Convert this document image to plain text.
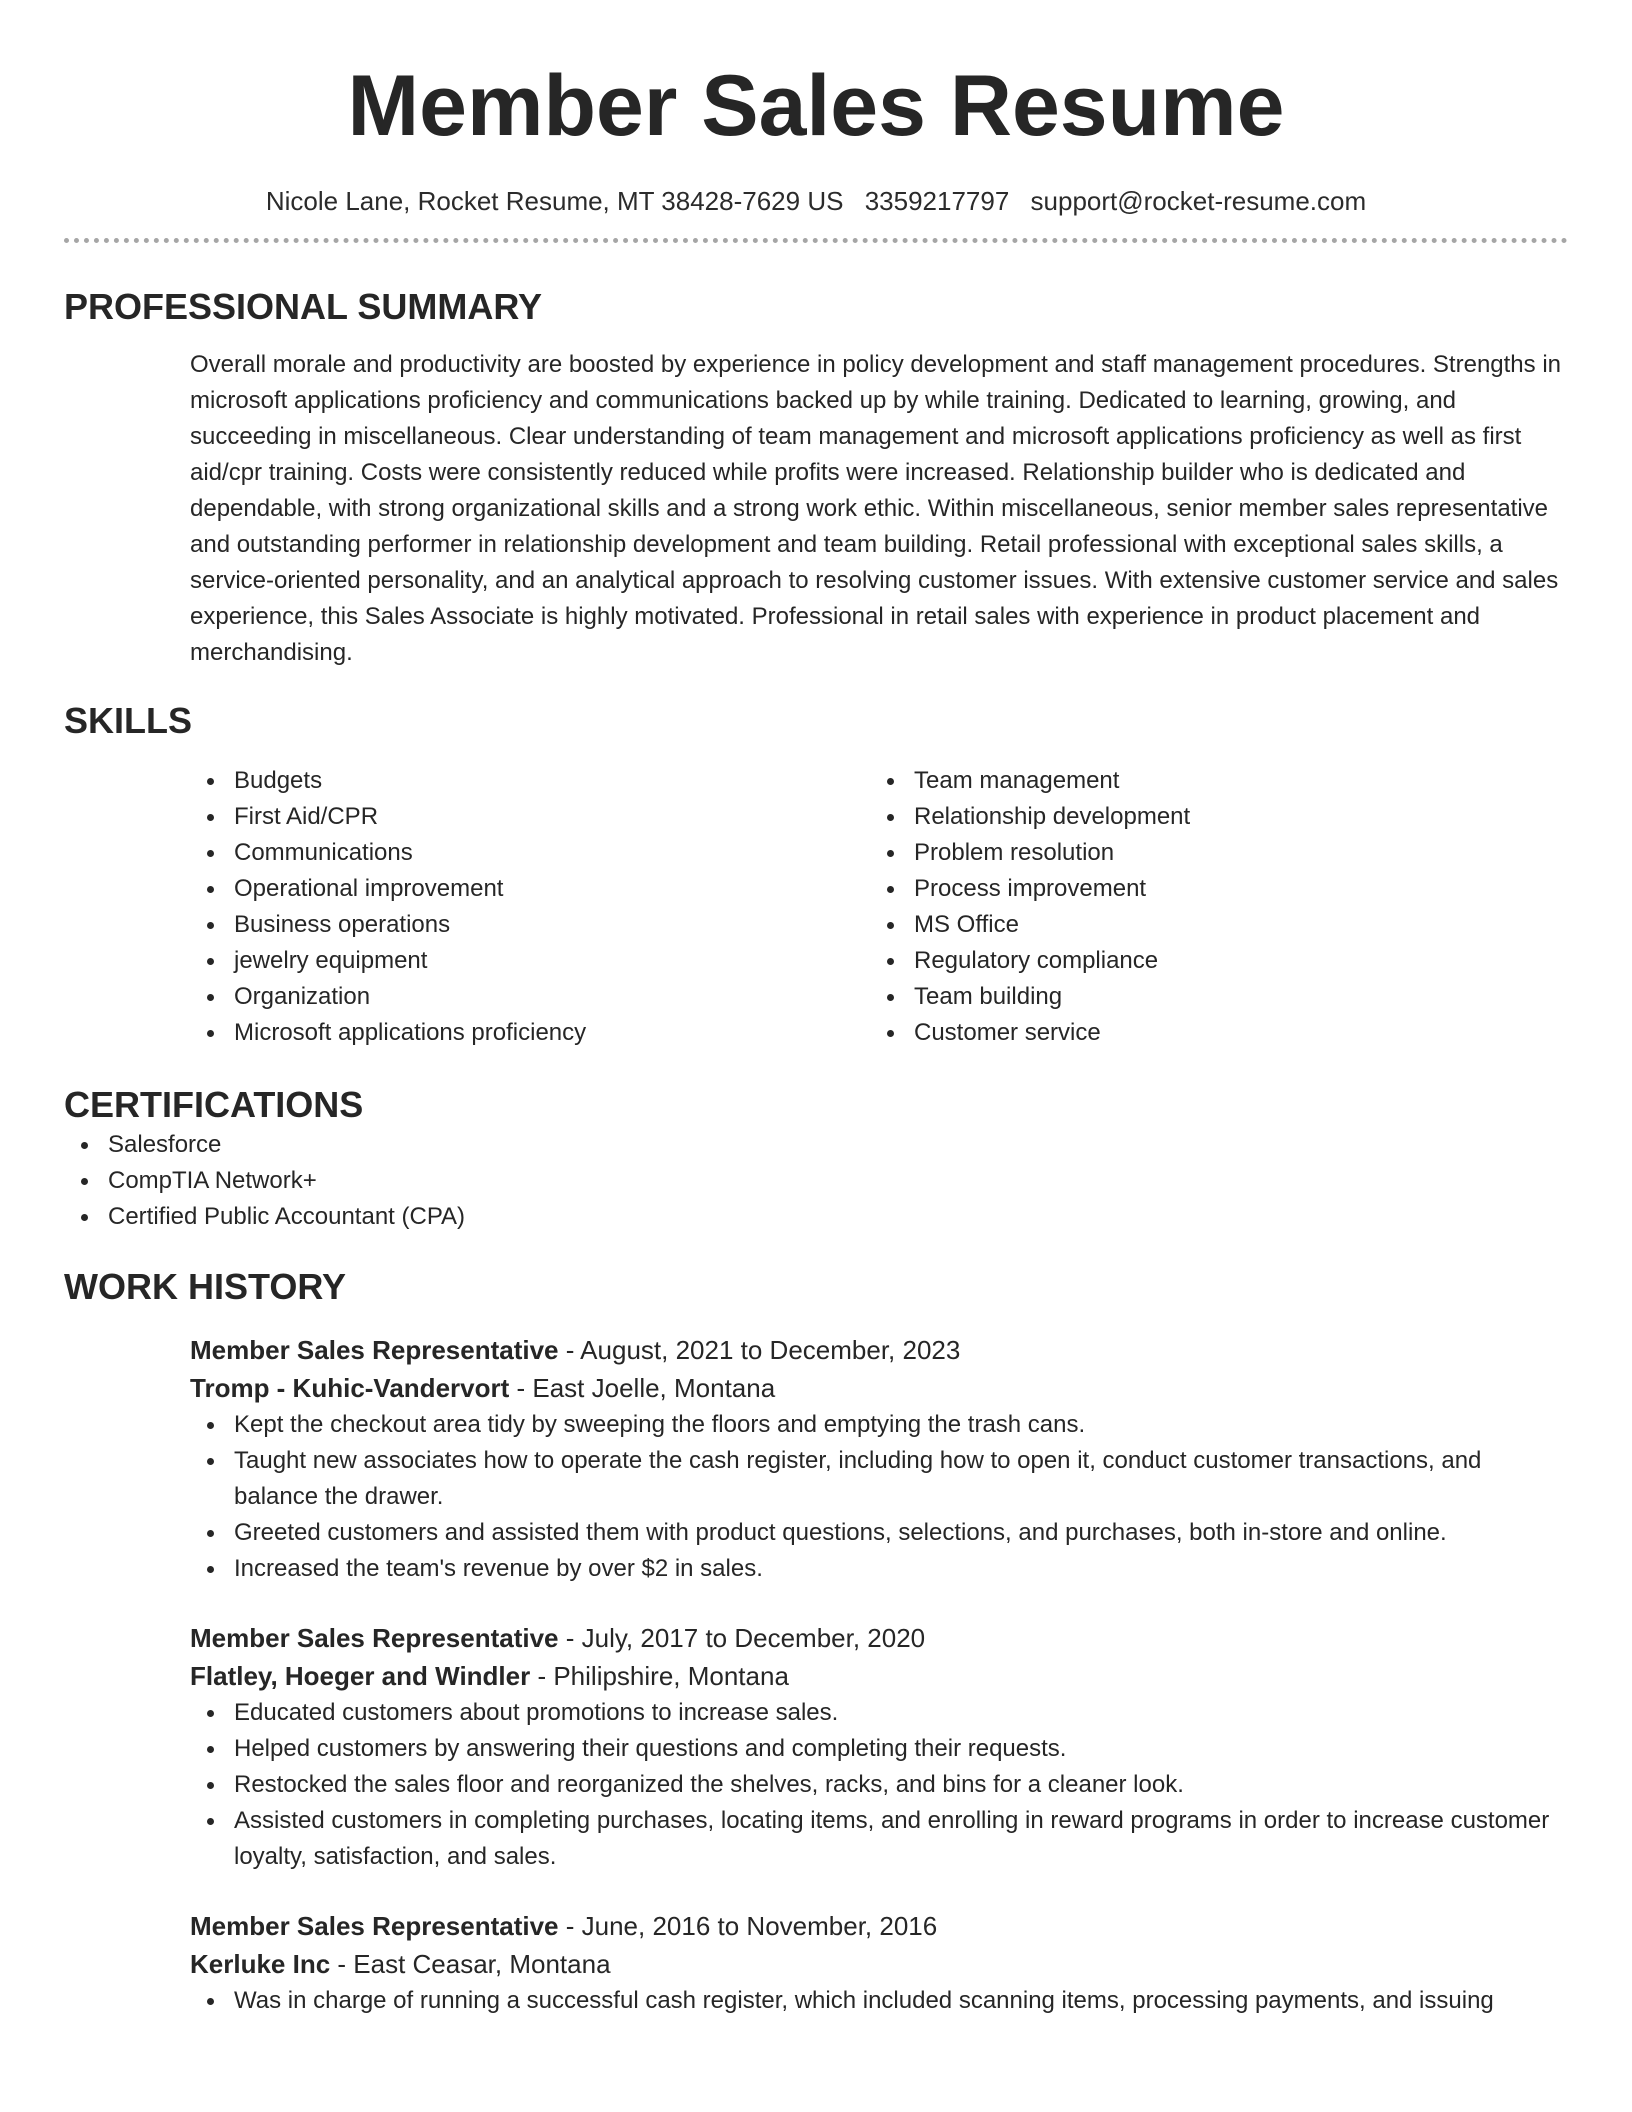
Member Sales Resume
Nicole Lane, Rocket Resume, MT 38428-7629 US 3359217797 support@rocket-resume.com
PROFESSIONAL SUMMARY

Overall morale and productivity are boosted by experience in policy development and staff management procedures. Strengths in microsoft applications proficiency and communications backed up by while training. Dedicated to learning, growing, and succeeding in miscellaneous. Clear understanding of team management and microsoft applications proficiency as well as first aid/cpr training. Costs were consistently reduced while profits were increased. Relationship builder who is dedicated and dependable, with strong organizational skills and a strong work ethic. Within miscellaneous, senior member sales representative and outstanding performer in relationship development and team building. Retail professional with exceptional sales skills, a service-oriented personality, and an analytical approach to resolving customer issues. With extensive customer service and sales experience, this Sales Associate is highly motivated. Professional in retail sales with experience in product placement and merchandising.

SKILLS
Budgets
First Aid/CPR
Communications
Operational improvement
Business operations
jewelry equipment
Organization
Microsoft applications proficiency
Team management
Relationship development
Problem resolution
Process improvement
MS Office
Regulatory compliance
Team building
Customer service
CERTIFICATIONS
Salesforce
CompTIA Network+
Certified Public Accountant (CPA)
WORK HISTORY
Member Sales Representative - August, 2021 to December, 2023
Tromp - Kuhic-Vandervort - East Joelle, Montana
Kept the checkout area tidy by sweeping the floors and emptying the trash cans.
Taught new associates how to operate the cash register, including how to open it, conduct customer transactions, and balance the drawer.
Greeted customers and assisted them with product questions, selections, and purchases, both in-store and online.
Increased the team's revenue by over $2 in sales.
Member Sales Representative - July, 2017 to December, 2020
Flatley, Hoeger and Windler - Philipshire, Montana
Educated customers about promotions to increase sales.
Helped customers by answering their questions and completing their requests.
Restocked the sales floor and reorganized the shelves, racks, and bins for a cleaner look.
Assisted customers in completing purchases, locating items, and enrolling in reward programs in order to increase customer loyalty, satisfaction, and sales.
Member Sales Representative - June, 2016 to November, 2016
Kerluke Inc - East Ceasar, Montana
Was in charge of running a successful cash register, which included scanning items, processing payments, and issuing
